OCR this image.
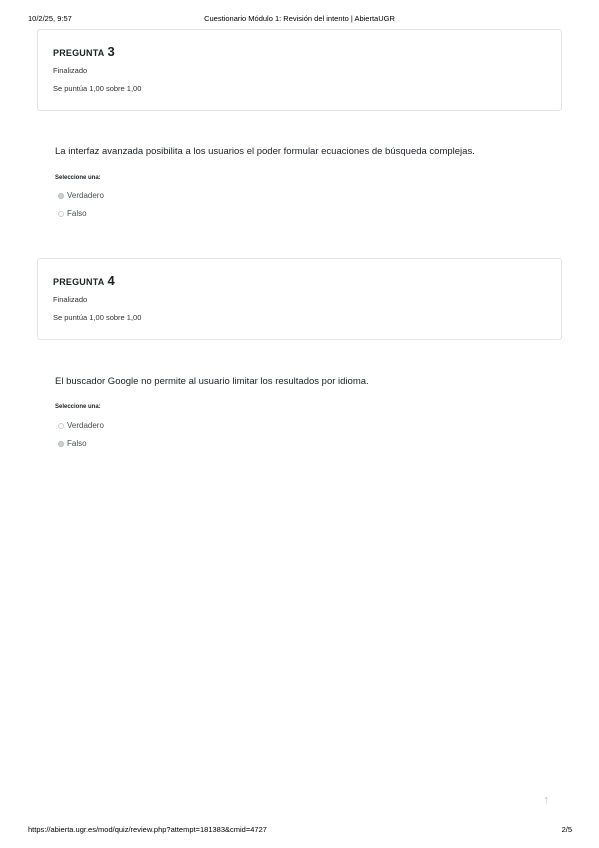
10/2/25, 9:57	Cuestionario Módulo 1: Revisión del intento | AbiertaUGR
PREGUNTA 3
Finalizado
Se puntúa 1,00 sobre 1,00
La interfaz avanzada posibilita a los usuarios el poder formular ecuaciones de búsqueda complejas.
Seleccione una:
Verdadero
Falso
PREGUNTA 4
Finalizado
Se puntúa 1,00 sobre 1,00
El buscador Google no permite al usuario limitar los resultados por idioma.
Seleccione una:
Verdadero
Falso
↑
https://abierta.ugr.es/mod/quiz/review.php?attempt=181383&cmid=4727	2/5
